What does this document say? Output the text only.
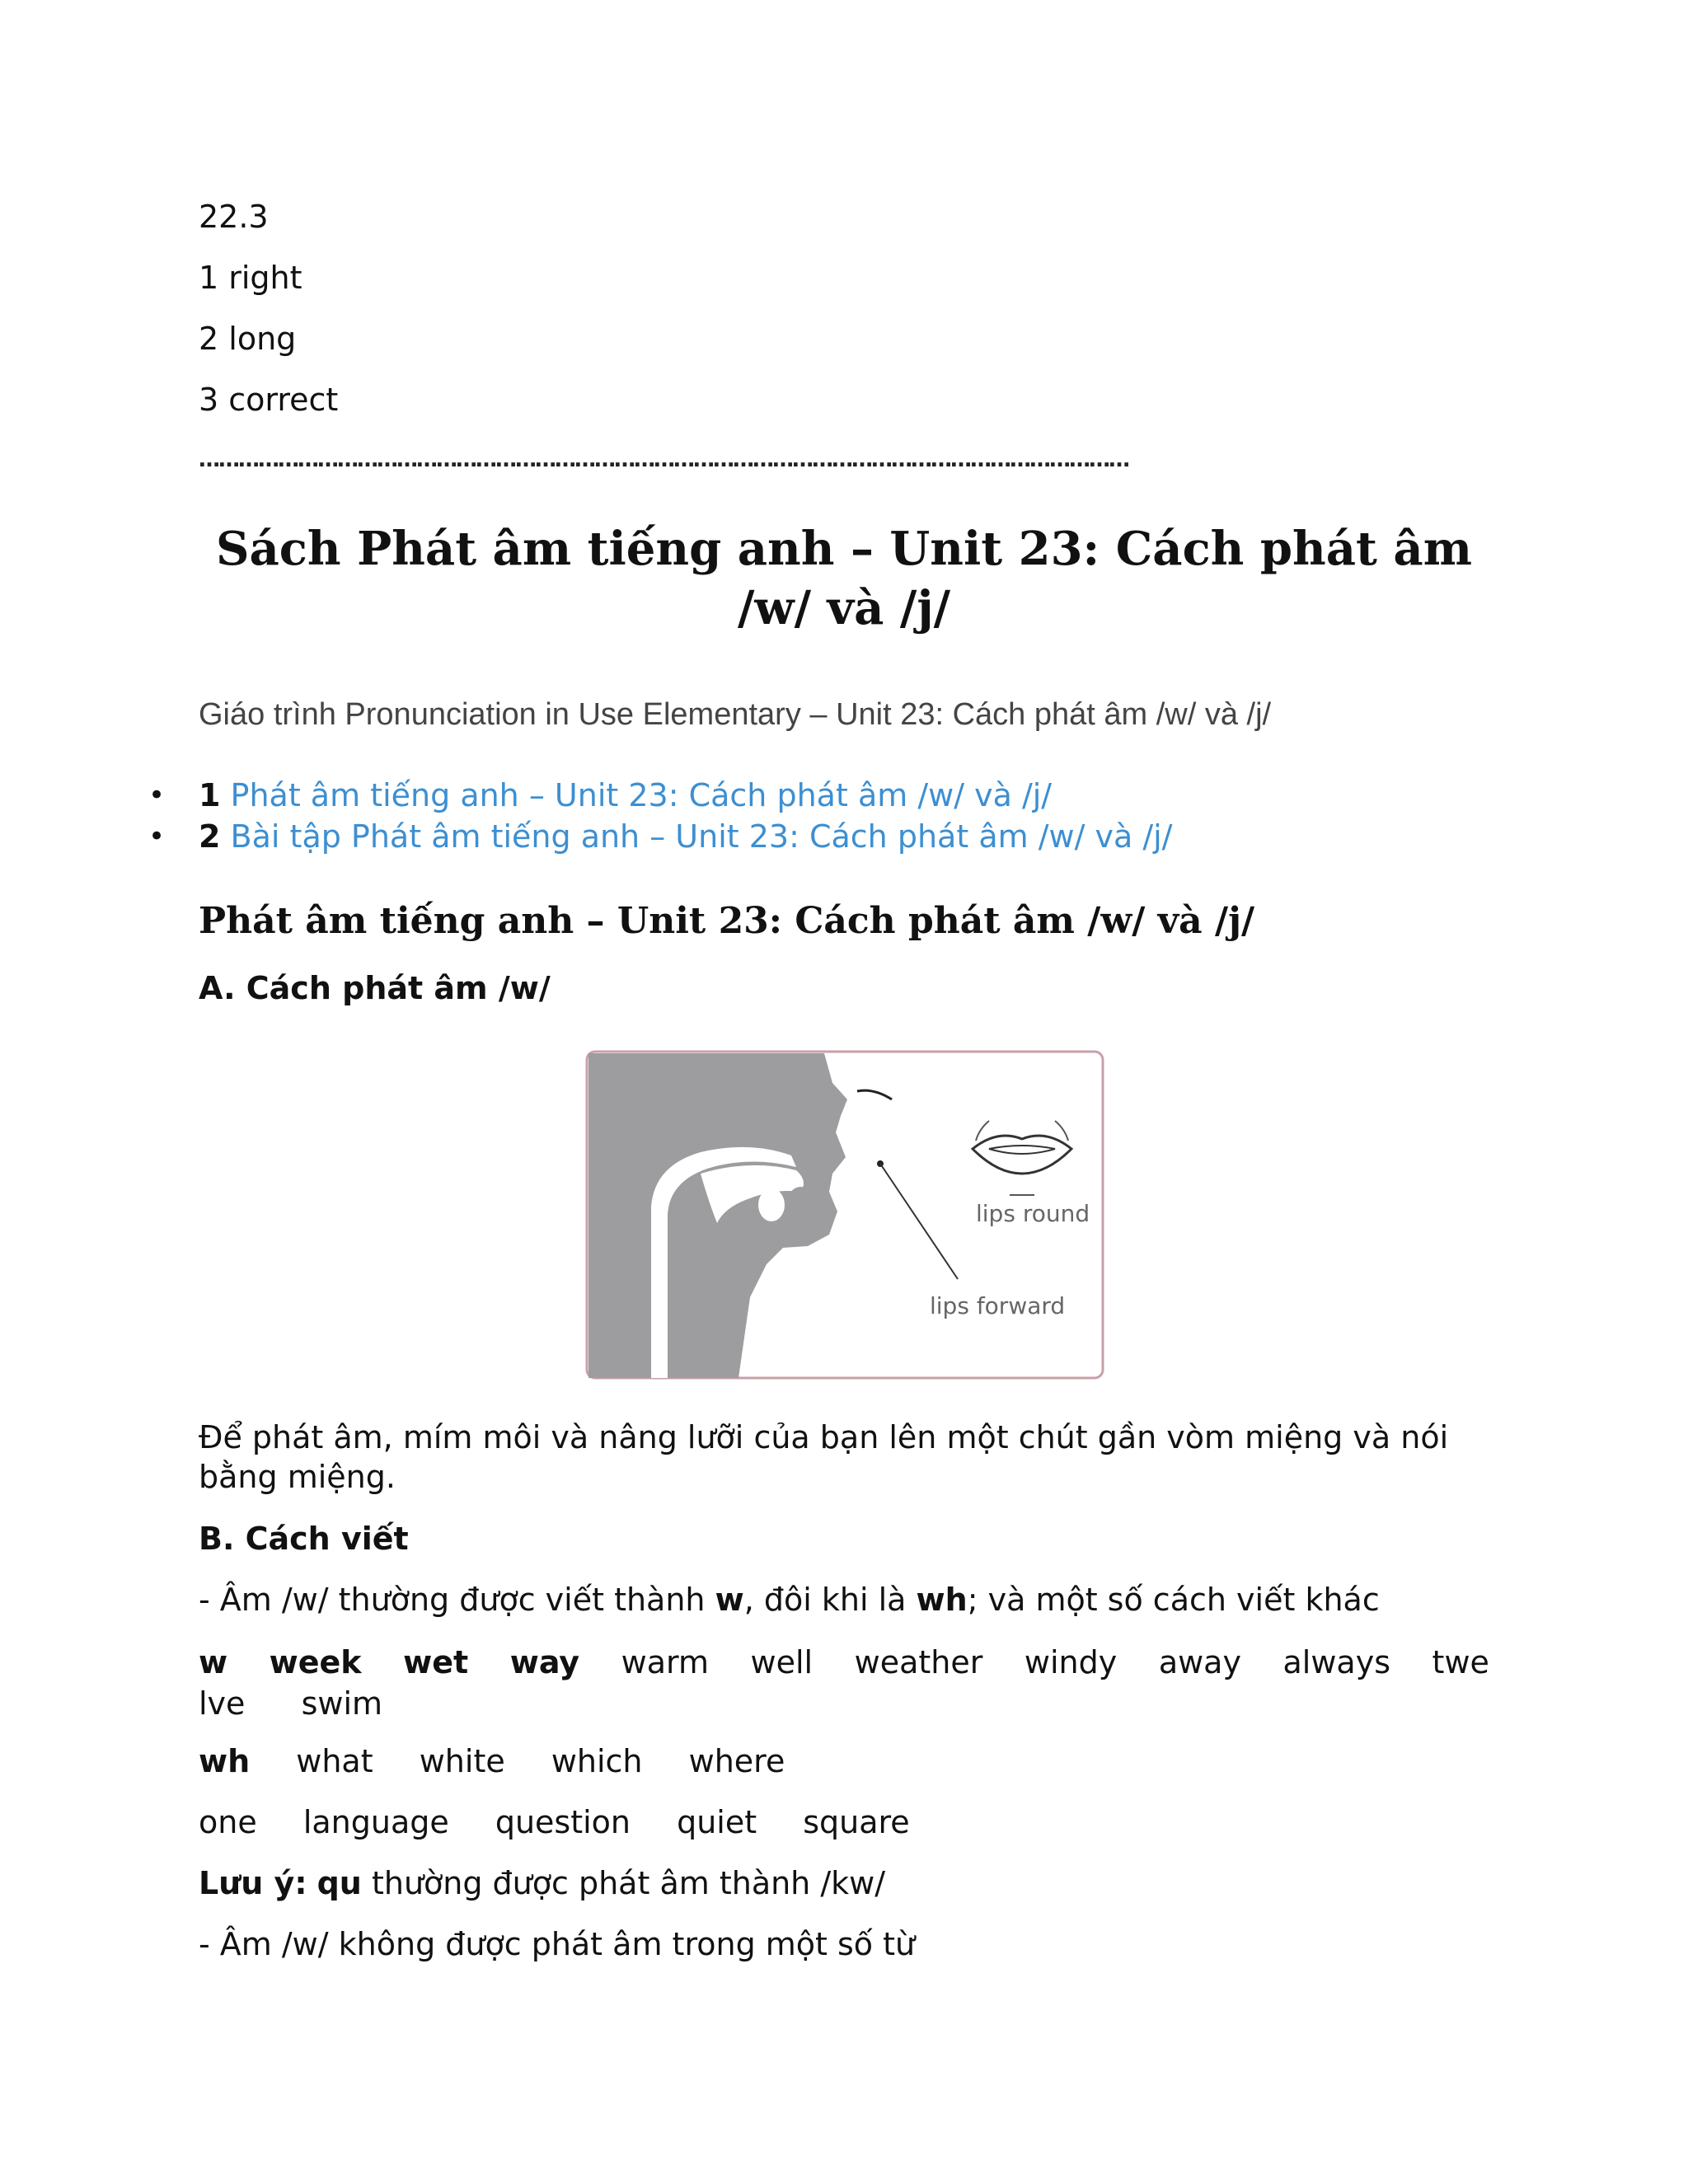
22.3
1 right
2 long
3 correct
……………………………………………………………………………………………………………………………
Sách Phát âm tiếng anh – Unit 23: Cách phát âm /w/ và /j/
Giáo trình Pronunciation in Use Elementary – Unit 23: Cách phát âm /w/ và /j/
• 1 Phát âm tiếng anh – Unit 23: Cách phát âm /w/ và /j/
• 2 Bài tập Phát âm tiếng anh – Unit 23: Cách phát âm /w/ và /j/
Phát âm tiếng anh – Unit 23: Cách phát âm /w/ và /j/
A. Cách phát âm /w/
lips round
lips forward
Để phát âm, mím môi và nâng lưỡi của bạn lên một chút gần vòm miệng và nói bằng miệng.
B. Cách viết
- Âm /w/ thường được viết thành w, đôi khi là wh; và một số cách viết khác
w week wet way warm well weather windy away always twe
lve swim
wh what white which where
one language question quiet square
Lưu ý: qu thường được phát âm thành /kw/
- Âm /w/ không được phát âm trong một số từ
